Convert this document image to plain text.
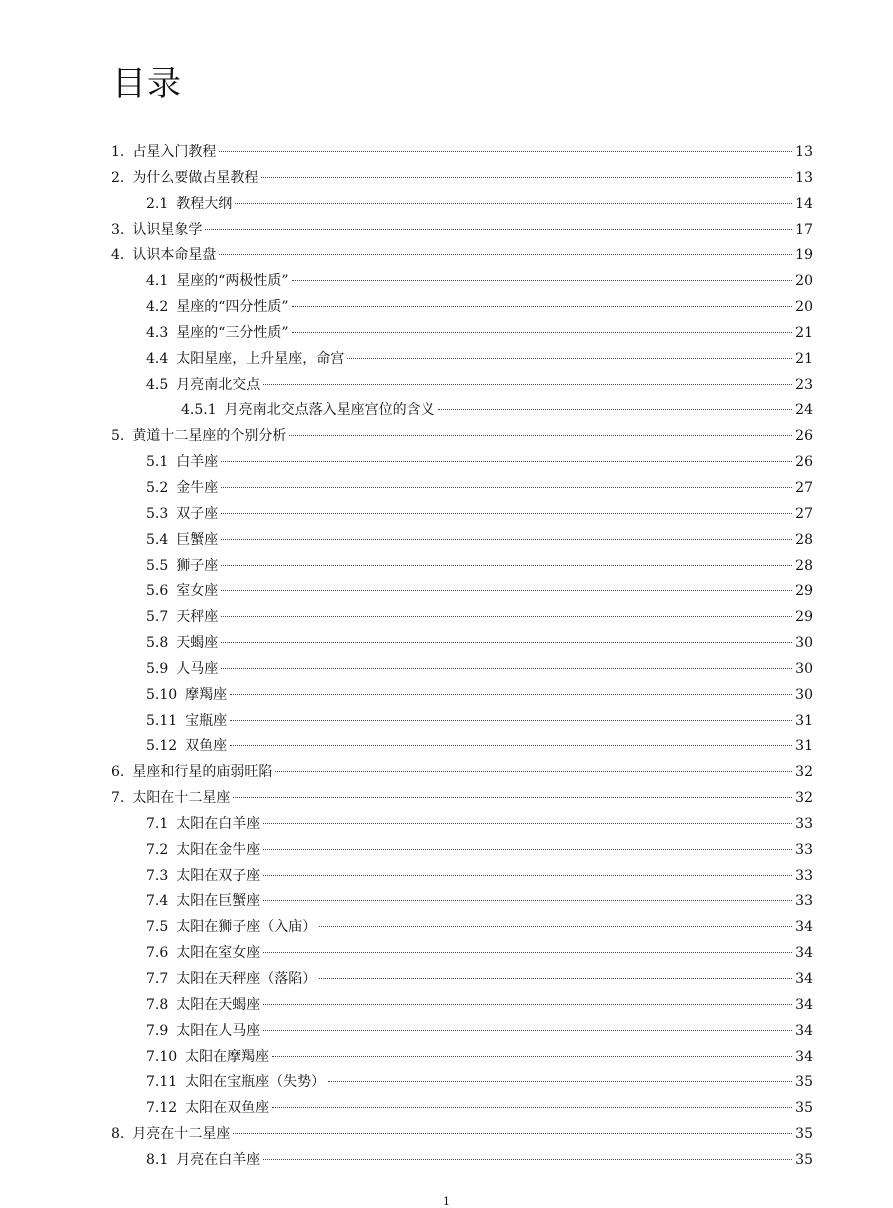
目录
1. 占星入门教程	13
2. 为什么要做占星教程	13
2.1 教程大纲	14
3. 认识星象学	17
4. 认识本命星盘	19
4.1 星座的“两极性质”	20
4.2 星座的“四分性质”	20
4.3 星座的“三分性质”	21
4.4 太阳星座，上升星座，命宫	21
4.5 月亮南北交点	23
4.5.1 月亮南北交点落入星座宫位的含义	24
5. 黄道十二星座的个别分析	26
5.1 白羊座	26
5.2 金牛座	27
5.3 双子座	27
5.4 巨蟹座	28
5.5 狮子座	28
5.6 室女座	29
5.7 天秤座	29
5.8 天蝎座	30
5.9 人马座	30
5.10 摩羯座	30
5.11 宝瓶座	31
5.12 双鱼座	31
6. 星座和行星的庙弱旺陷	32
7. 太阳在十二星座	32
7.1 太阳在白羊座	33
7.2 太阳在金牛座	33
7.3 太阳在双子座	33
7.4 太阳在巨蟹座	33
7.5 太阳在狮子座（入庙）	34
7.6 太阳在室女座	34
7.7 太阳在天秤座（落陷）	34
7.8 太阳在天蝎座	34
7.9 太阳在人马座	34
7.10 太阳在摩羯座	34
7.11 太阳在宝瓶座（失势）	35
7.12 太阳在双鱼座	35
8. 月亮在十二星座	35
8.1 月亮在白羊座	35
1
